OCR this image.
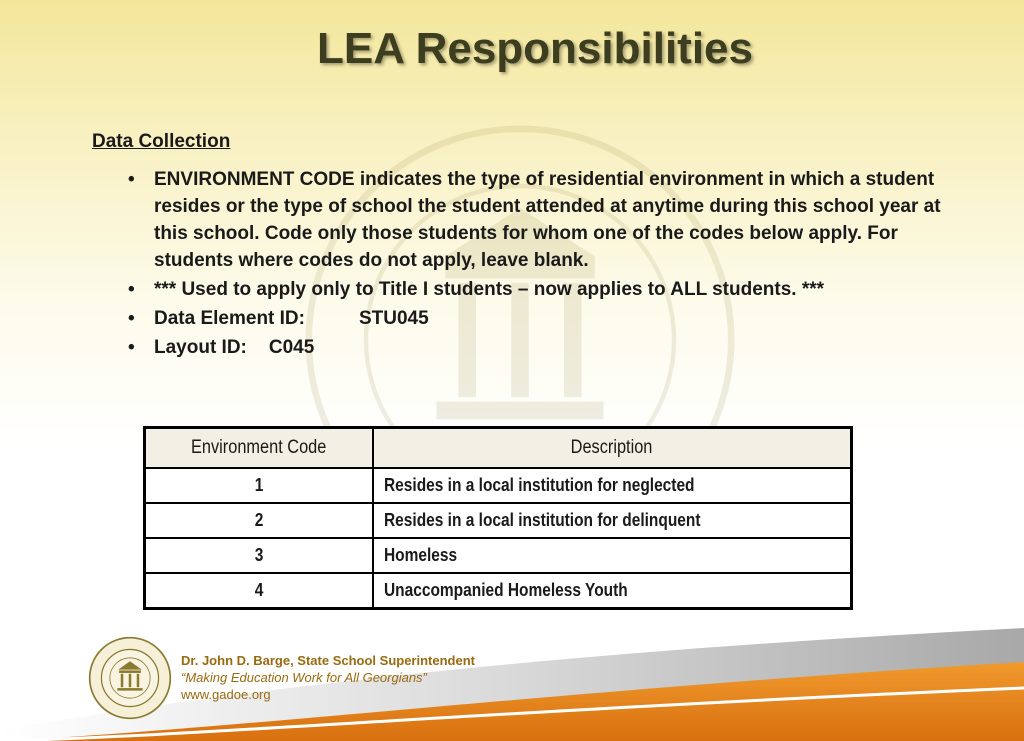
LEA Responsibilities
Data Collection
• ENVIRONMENT CODE indicates the type of residential environment in which a student resides or the type of school the student attended at anytime during this school year at this school. Code only those students for whom one of the codes below apply. For students where codes do not apply, leave blank.
• *** Used to apply only to Title I students – now applies to ALL students. ***
• Data Element ID:	STU045
• Layout ID: C045
Environment Code	Description
1	Resides in a local institution for neglected
2	Resides in a local institution for delinquent
3	Homeless
4	Unaccompanied Homeless Youth
Dr. John D. Barge, State School Superintendent
“Making Education Work for All Georgians”
www.gadoe.org
